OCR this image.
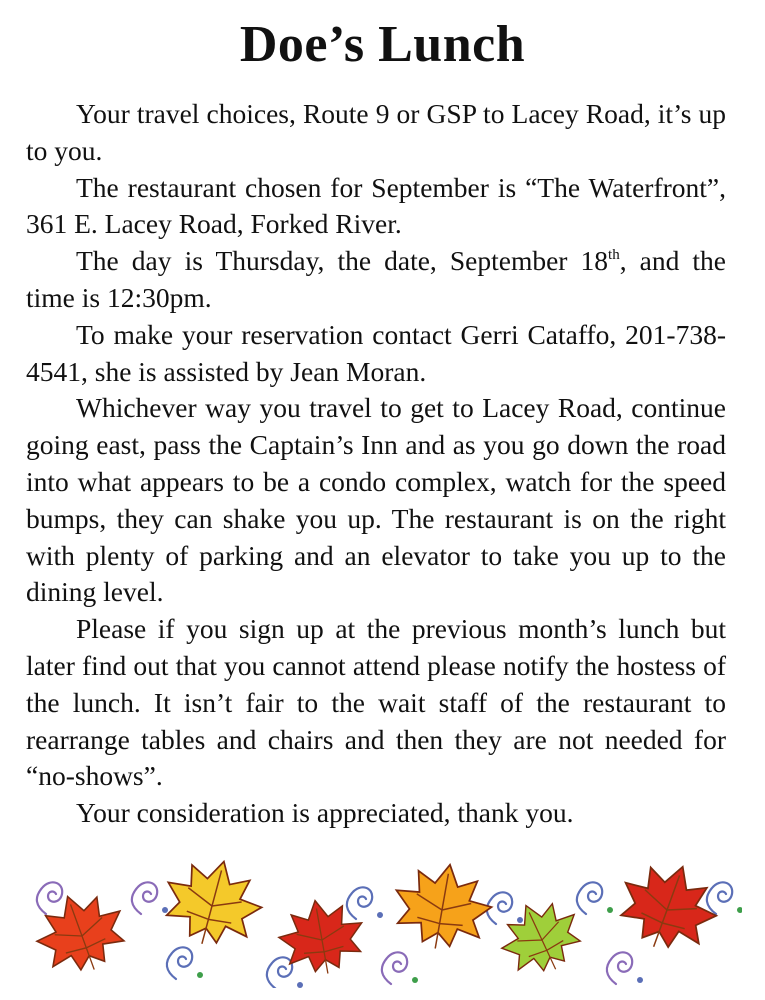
Doe’s Lunch

Your travel choices, Route 9 or GSP to Lacey Road, it’s up to you.

The restaurant chosen for September is “The Waterfront”, 361 E. Lacey Road, Forked River.

The day is Thursday, the date, September 18th, and the time is 12:30pm.

To make your reservation contact Gerri Cataffo, 201-738-4541, she is assisted by Jean Moran.

Whichever way you travel to get to Lacey Road, continue going east, pass the Captain’s Inn and as you go down the road into what appears to be a condo complex, watch for the speed bumps, they can shake you up. The restaurant is on the right with plenty of parking and an elevator to take you up to the dining level.

Please if you sign up at the previous month’s lunch but later find out that you cannot attend please notify the hostess of the lunch. It isn’t fair to the wait staff of the restaurant to rearrange tables and chairs and then they are not needed for “no-shows”.

Your consideration is appreciated, thank you.
